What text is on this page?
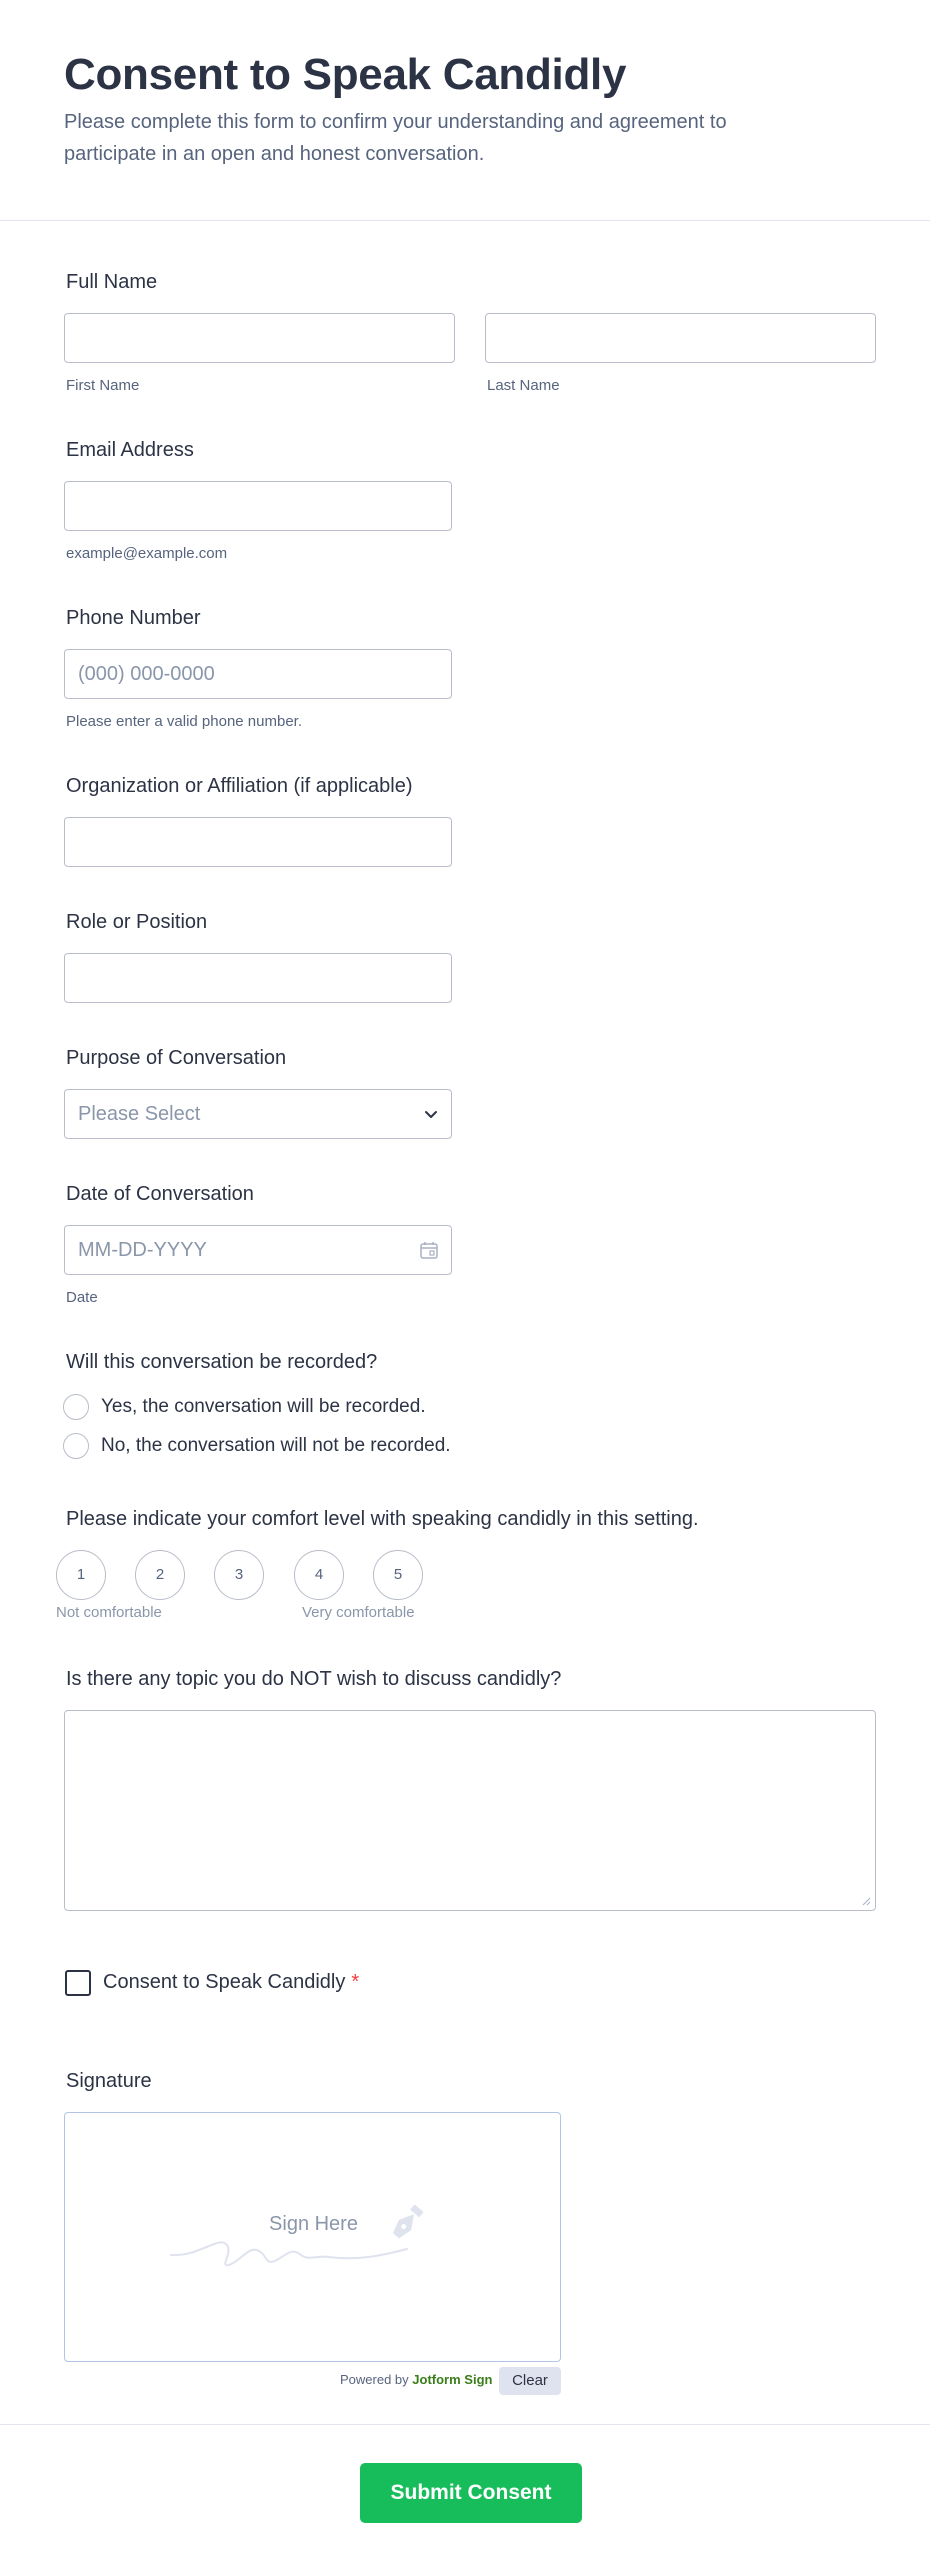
Consent to Speak Candidly
Please complete this form to confirm your understanding and agreement to participate in an open and honest conversation.
Full Name
First Name	Last Name
Email Address
example@example.com
Phone Number
(000) 000-0000
Please enter a valid phone number.
Organization or Affiliation (if applicable)
Role or Position
Purpose of Conversation
Please Select
Date of Conversation
MM-DD-YYYY
Date
Will this conversation be recorded?
Yes, the conversation will be recorded.
No, the conversation will not be recorded.
Please indicate your comfort level with speaking candidly in this setting.
1	2	3	4	5
Not comfortable	Very comfortable
Is there any topic you do NOT wish to discuss candidly?
Consent to Speak Candidly *
Signature
Sign Here
Powered by Jotform Sign	Clear
Submit Consent
